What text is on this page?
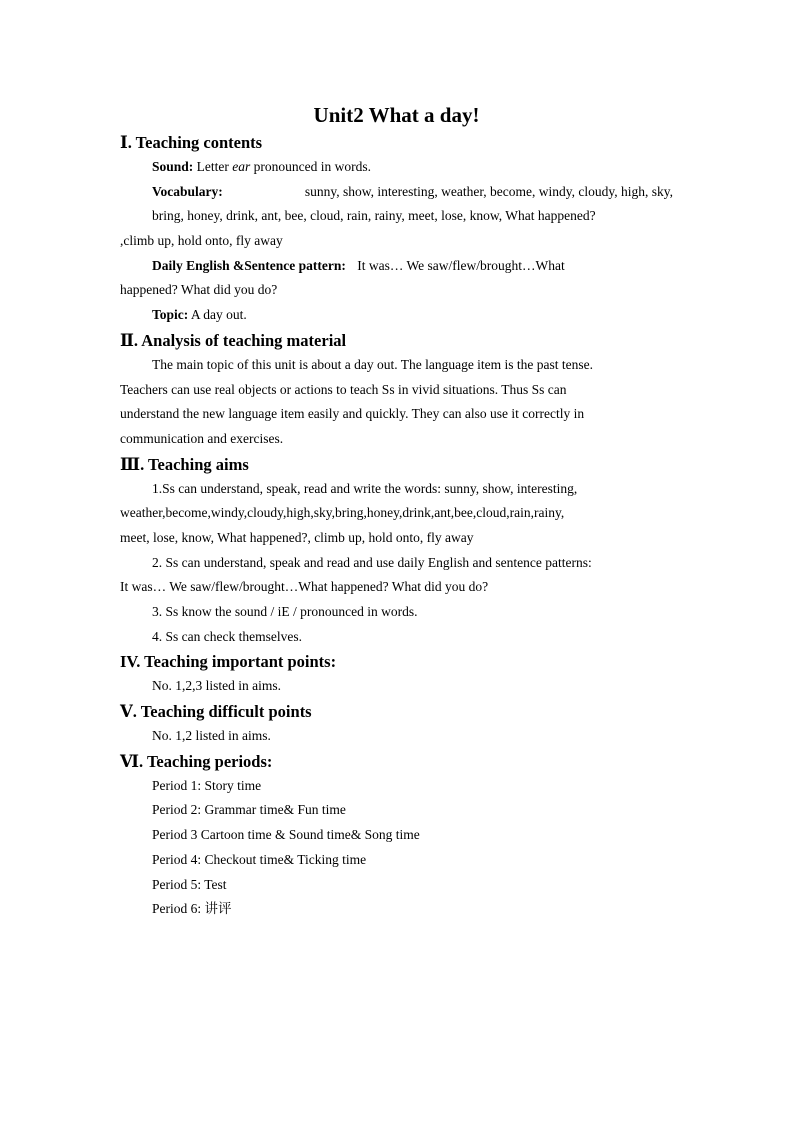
Unit2 What a day!
Ⅰ. Teaching contents
Sound: Letter ear pronounced in words.
Vocabulary:	sunny, show, interesting, weather, become, windy, cloudy, high, sky,
bring, honey, drink, ant, bee, cloud, rain, rainy, meet, lose, know, What happened?
,climb up, hold onto, fly away
Daily English &Sentence pattern: It was… We saw/flew/brought…What
happened? What did you do?
Topic: A day out.
Ⅱ. Analysis of teaching material
The main topic of this unit is about a day out. The language item is the past tense.
Teachers can use real objects or actions to teach Ss in vivid situations. Thus Ss can
understand the new language item easily and quickly. They can also use it correctly in
communication and exercises.
Ⅲ. Teaching aims
1.Ss can understand, speak, read and write the words: sunny, show, interesting,
weather,become,windy,cloudy,high,sky,bring,honey,drink,ant,bee,cloud,rain,rainy,
meet, lose, know, What happened?, climb up, hold onto, fly away
2. Ss can understand, speak and read and use daily English and sentence patterns:
It was… We saw/flew/brought…What happened? What did you do?
3. Ss know the sound / iE / pronounced in words.
4. Ss can check themselves.
IV. Teaching important points:
No. 1,2,3 listed in aims.
Ⅴ. Teaching difficult points
No. 1,2 listed in aims.
Ⅵ. Teaching periods:
Period 1: Story time
Period 2: Grammar time& Fun time
Period 3 Cartoon time & Sound time& Song time
Period 4: Checkout time& Ticking time
Period 5: Test
Period 6: 讲评
